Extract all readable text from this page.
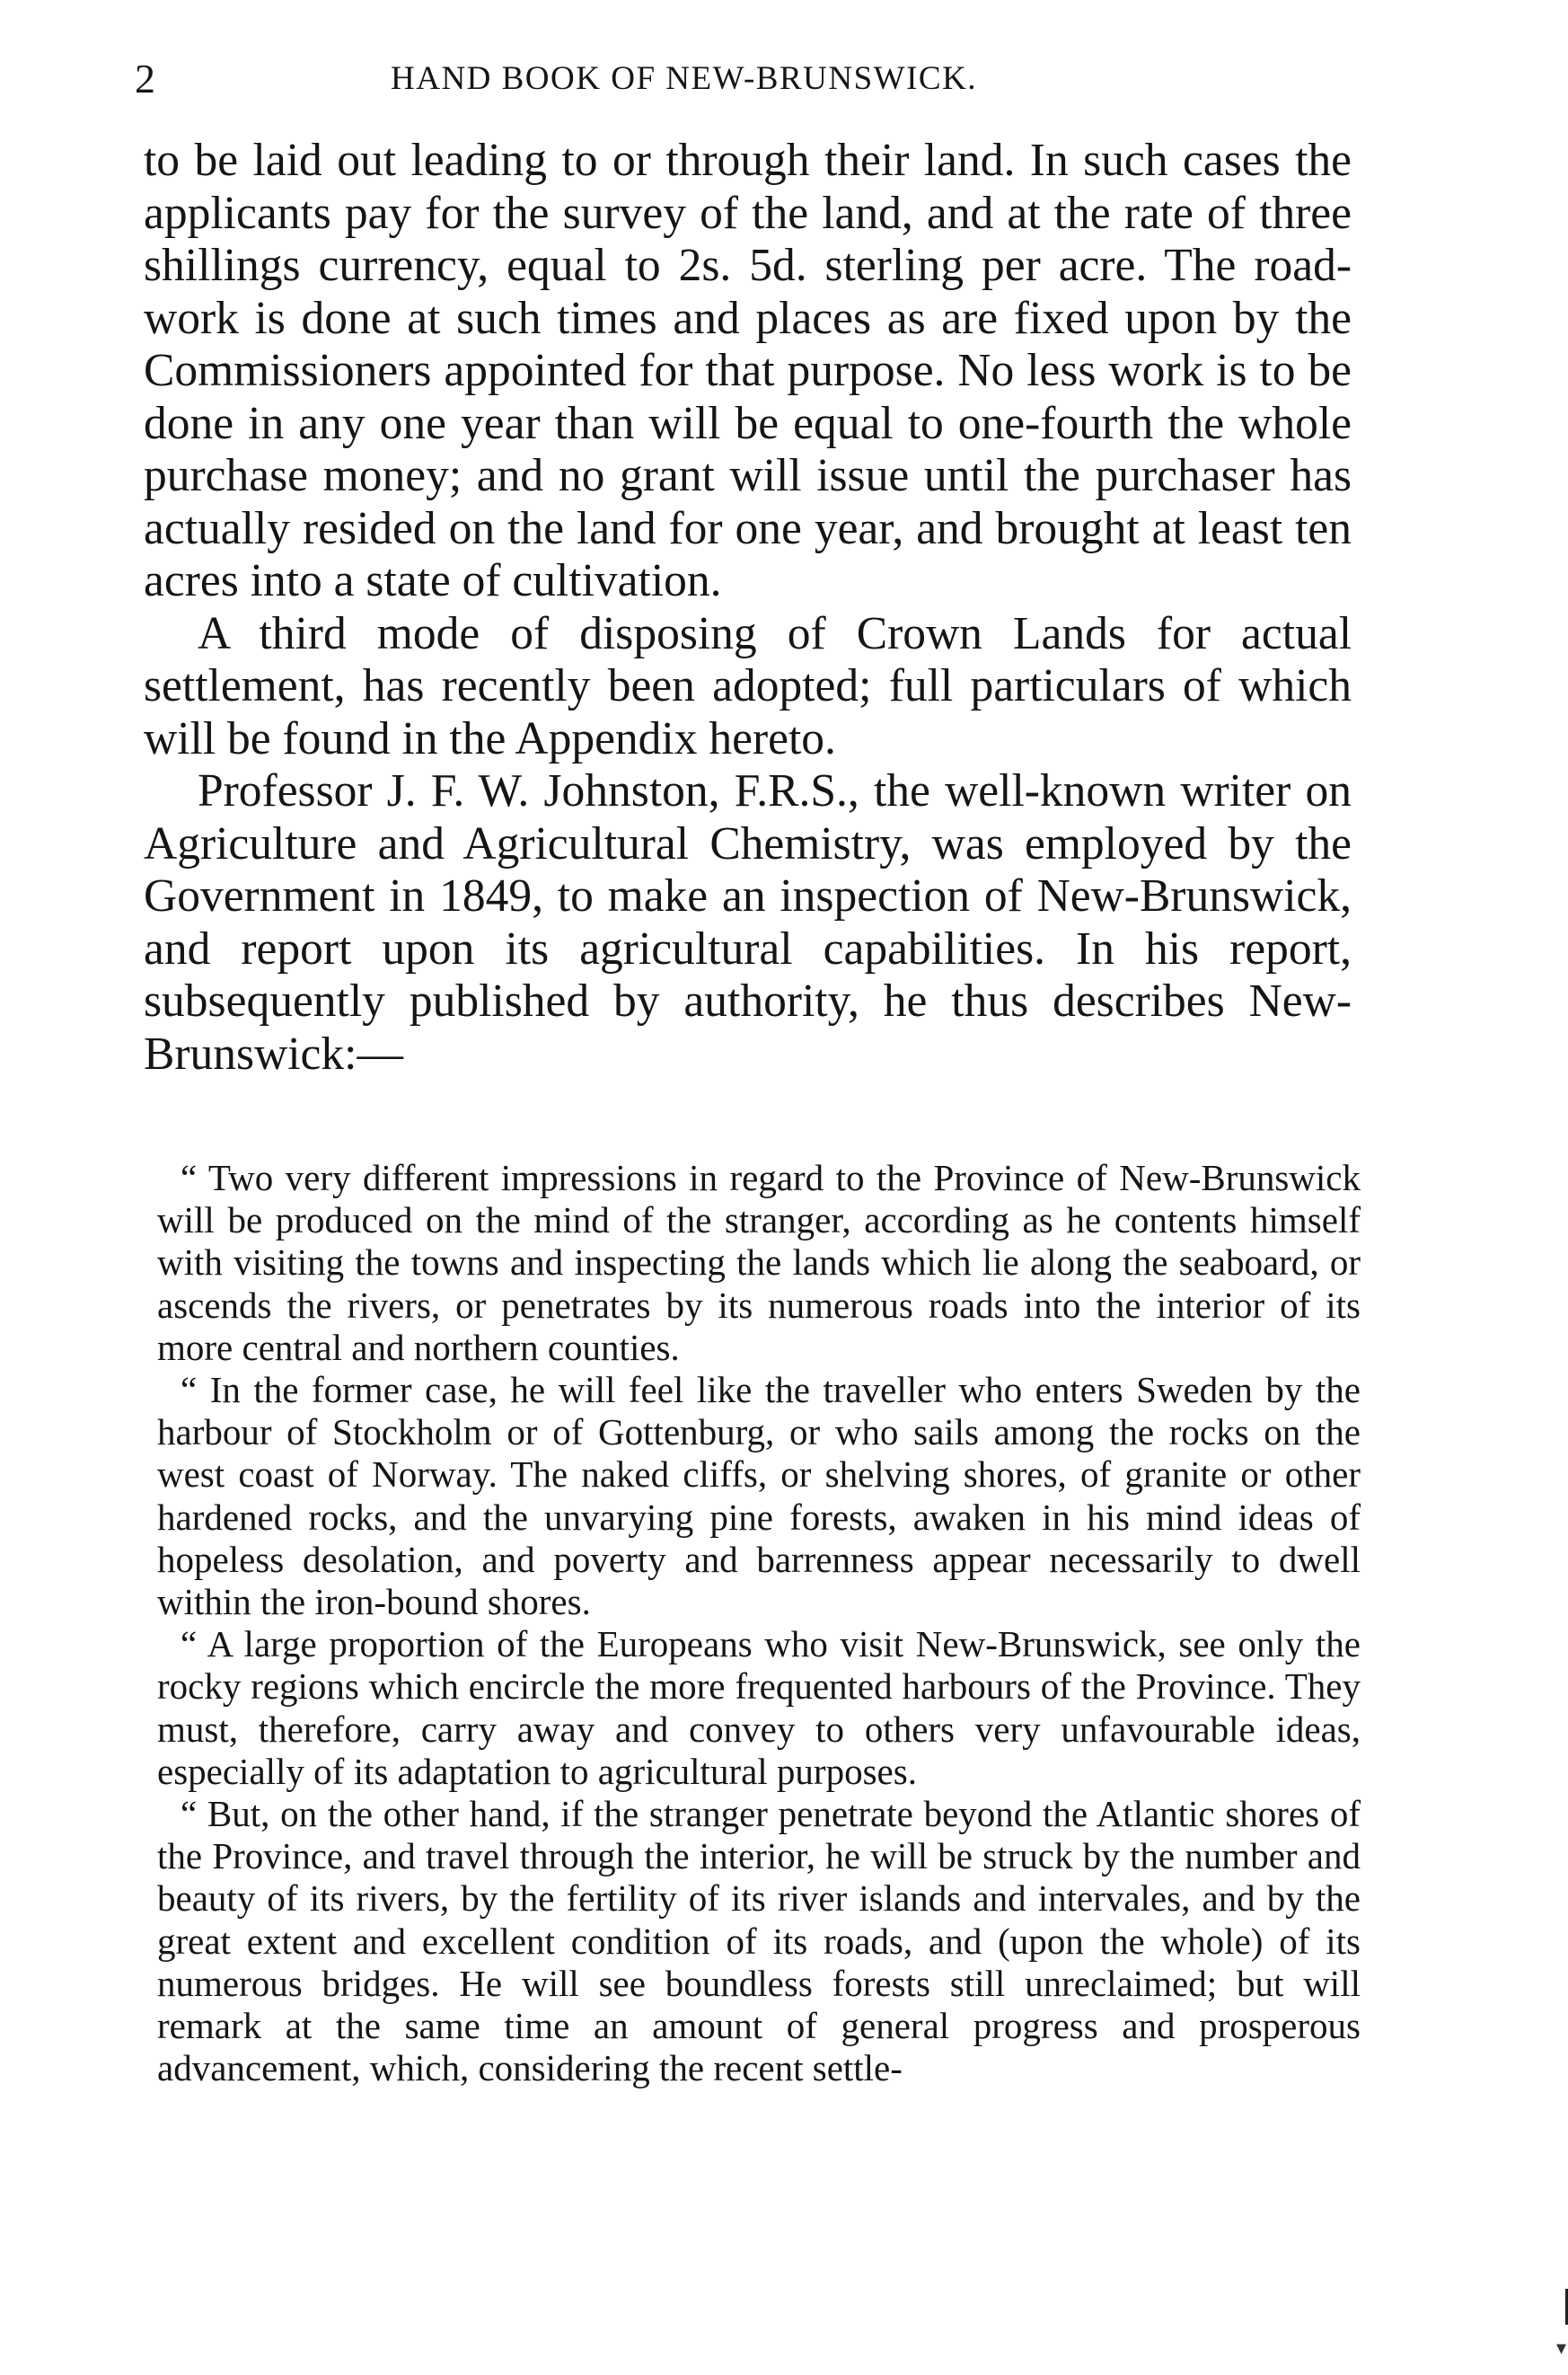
2	HAND BOOK OF NEW-BRUNSWICK.

to be laid out leading to or through their land. In such cases the applicants pay for the survey of the land, and at the rate of three shillings currency, equal to 2s. 5d. sterling per acre. The road-work is done at such times and places as are fixed upon by the Commissioners appointed for that purpose. No less work is to be done in any one year than will be equal to one-fourth the whole purchase money; and no grant will issue until the purchaser has actually resided on the land for one year, and brought at least ten acres into a state of cultivation.

A third mode of disposing of Crown Lands for actual settlement, has recently been adopted; full particulars of which will be found in the Appendix hereto.

Professor J. F. W. Johnston, F.R.S., the well-known writer on Agriculture and Agricultural Chemistry, was employed by the Government in 1849, to make an inspection of New-Brunswick, and report upon its agricultural capabilities. In his report, subsequently published by authority, he thus describes New-Brunswick:—

“ Two very different impressions in regard to the Province of New-Brunswick will be produced on the mind of the stranger, according as he contents himself with visiting the towns and inspecting the lands which lie along the seaboard, or ascends the rivers, or penetrates by its numerous roads into the interior of its more central and northern counties.

“ In the former case, he will feel like the traveller who enters Sweden by the harbour of Stockholm or of Gottenburg, or who sails among the rocks on the west coast of Norway. The naked cliffs, or shelving shores, of granite or other hardened rocks, and the unvarying pine forests, awaken in his mind ideas of hopeless desolation, and poverty and barrenness appear necessarily to dwell within the iron-bound shores.

“ A large proportion of the Europeans who visit New-Brunswick, see only the rocky regions which encircle the more frequented harbours of the Province. They must, therefore, carry away and convey to others very unfavourable ideas, especially of its adaptation to agricultural purposes.

“ But, on the other hand, if the stranger penetrate beyond the Atlantic shores of the Province, and travel through the interior, he will be struck by the number and beauty of its rivers, by the fertility of its river islands and intervales, and by the great extent and excellent condition of its roads, and (upon the whole) of its numerous bridges. He will see boundless forests still unreclaimed; but will remark at the same time an amount of general progress and prosperous advancement, which, considering the recent settle-

▾
